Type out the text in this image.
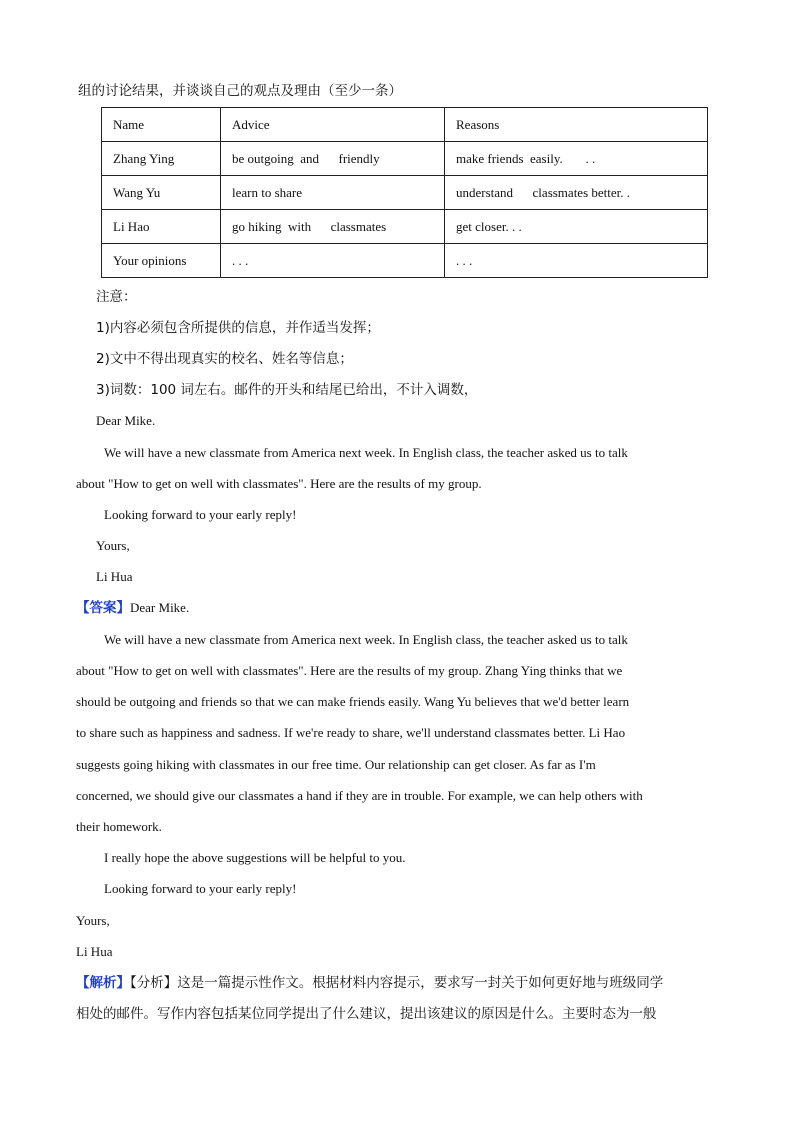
组的讨论结果，并谈谈自己的观点及理由（至少一条）
Name	Advice	Reasons
Zhang Ying	be outgoing  and      friendly	make friends  easily.       . .
Wang Yu	learn to share	understand      classmates better. .
Li Hao	go hiking  with      classmates	get closer. . .
Your opinions	. . .	. . .
注意：
1)内容必须包含所提供的信息，并作适当发挥；
2)文中不得出现真实的校名、姓名等信息；
3)词数：100 词左右。邮件的开头和结尾已给出，不计入调数，
Dear Mike.
We will have a new classmate from America next week. In English class, the teacher asked us to talk
about "How to get on well with classmates". Here are the results of my group.
Looking forward to your early reply!
Yours,
Li Hua
【答案】Dear Mike.
We will have a new classmate from America next week. In English class, the teacher asked us to talk
about "How to get on well with classmates". Here are the results of my group. Zhang Ying thinks that we
should be outgoing and friends so that we can make friends easily. Wang Yu believes that we'd better learn
to share such as happiness and sadness. If we're ready to share, we'll understand classmates better. Li Hao
suggests going hiking with classmates in our free time. Our relationship can get closer. As far as I'm
concerned, we should give our classmates a hand if they are in trouble. For example, we can help others with
their homework.
I really hope the above suggestions will be helpful to you.
Looking forward to your early reply!
Yours,
Li Hua
【解析】【分析】这是一篇提示性作文。根据材料内容提示，要求写一封关于如何更好地与班级同学
相处的邮件。写作内容包括某位同学提出了什么建议，提出该建议的原因是什么。主要时态为一般
